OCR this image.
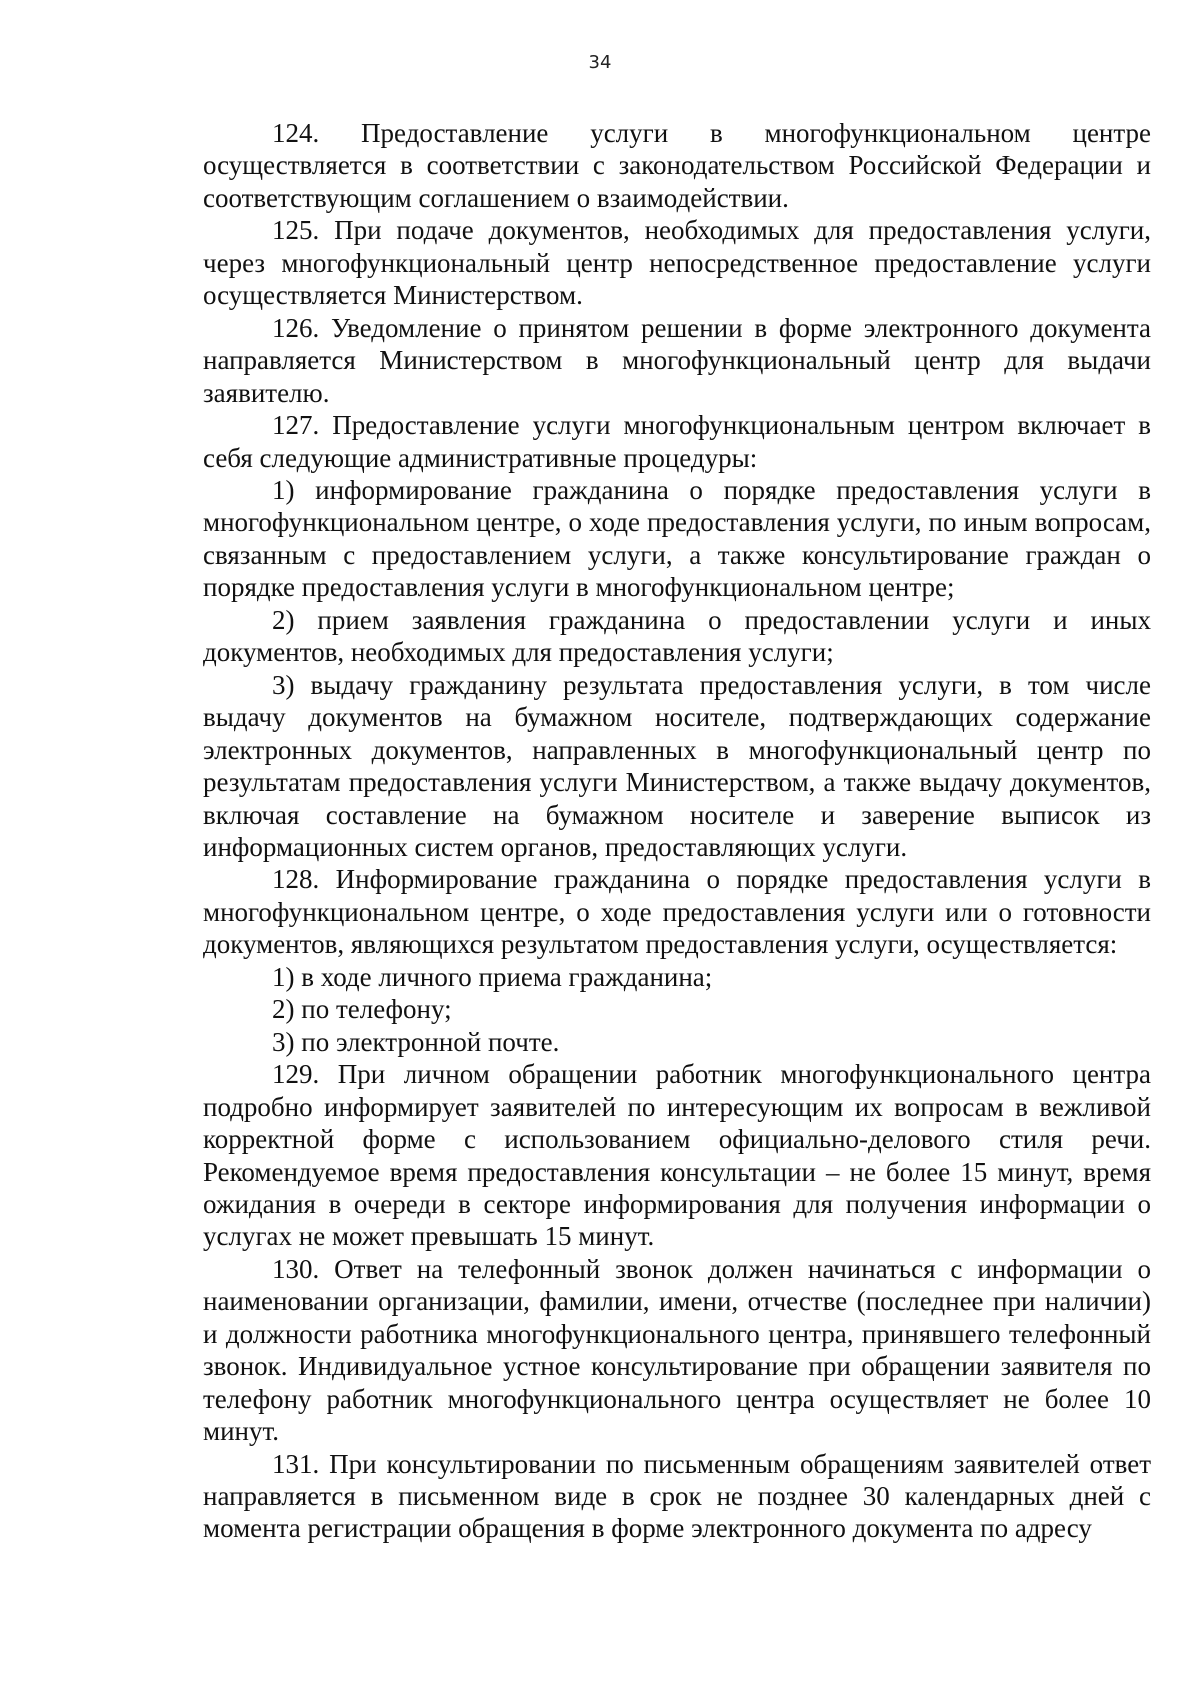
34

124. Предоставление услуги в многофункциональном центре осуществляется в соответствии с законодательством Российской Федерации и соответствующим соглашением о взаимодействии.

125. При подаче документов, необходимых для предоставления услуги, через многофункциональный центр непосредственное предоставление услуги осуществляется Министерством.

126. Уведомление о принятом решении в форме электронного документа направляется Министерством в многофункциональный центр для выдачи заявителю.

127. Предоставление услуги многофункциональным центром включает в себя следующие административные процедуры:

1) информирование гражданина о порядке предоставления услуги в многофункциональном центре, о ходе предоставления услуги, по иным вопросам, связанным с предоставлением услуги, а также консультирование граждан о порядке предоставления услуги в многофункциональном центре;

2) прием заявления гражданина о предоставлении услуги и иных документов, необходимых для предоставления услуги;

3) выдачу гражданину результата предоставления услуги, в том числе выдачу документов на бумажном носителе, подтверждающих содержание электронных документов, направленных в многофункциональный центр по результатам предоставления услуги Министерством, а также выдачу документов, включая составление на бумажном носителе и заверение выписок из информационных систем органов, предоставляющих услуги.

128. Информирование гражданина о порядке предоставления услуги в многофункциональном центре, о ходе предоставления услуги или о готовности документов, являющихся результатом предоставления услуги, осуществляется:

1) в ходе личного приема гражданина;

2) по телефону;

3) по электронной почте.

129. При личном обращении работник многофункционального центра подробно информирует заявителей по интересующим их вопросам в вежливой корректной форме с использованием официально-делового стиля речи. Рекомендуемое время предоставления консультации – не более 15 минут, время ожидания в очереди в секторе информирования для получения информации о услугах не может превышать 15 минут.

130. Ответ на телефонный звонок должен начинаться с информации о наименовании организации, фамилии, имени, отчестве (последнее при наличии) и должности работника многофункционального центра, принявшего телефонный звонок. Индивидуальное устное консультирование при обращении заявителя по телефону работник многофункционального центра осуществляет не более 10 минут.

131. При консультировании по письменным обращениям заявителей ответ направляется в письменном виде в срок не позднее 30 календарных дней с момента регистрации обращения в форме электронного документа по адресу
